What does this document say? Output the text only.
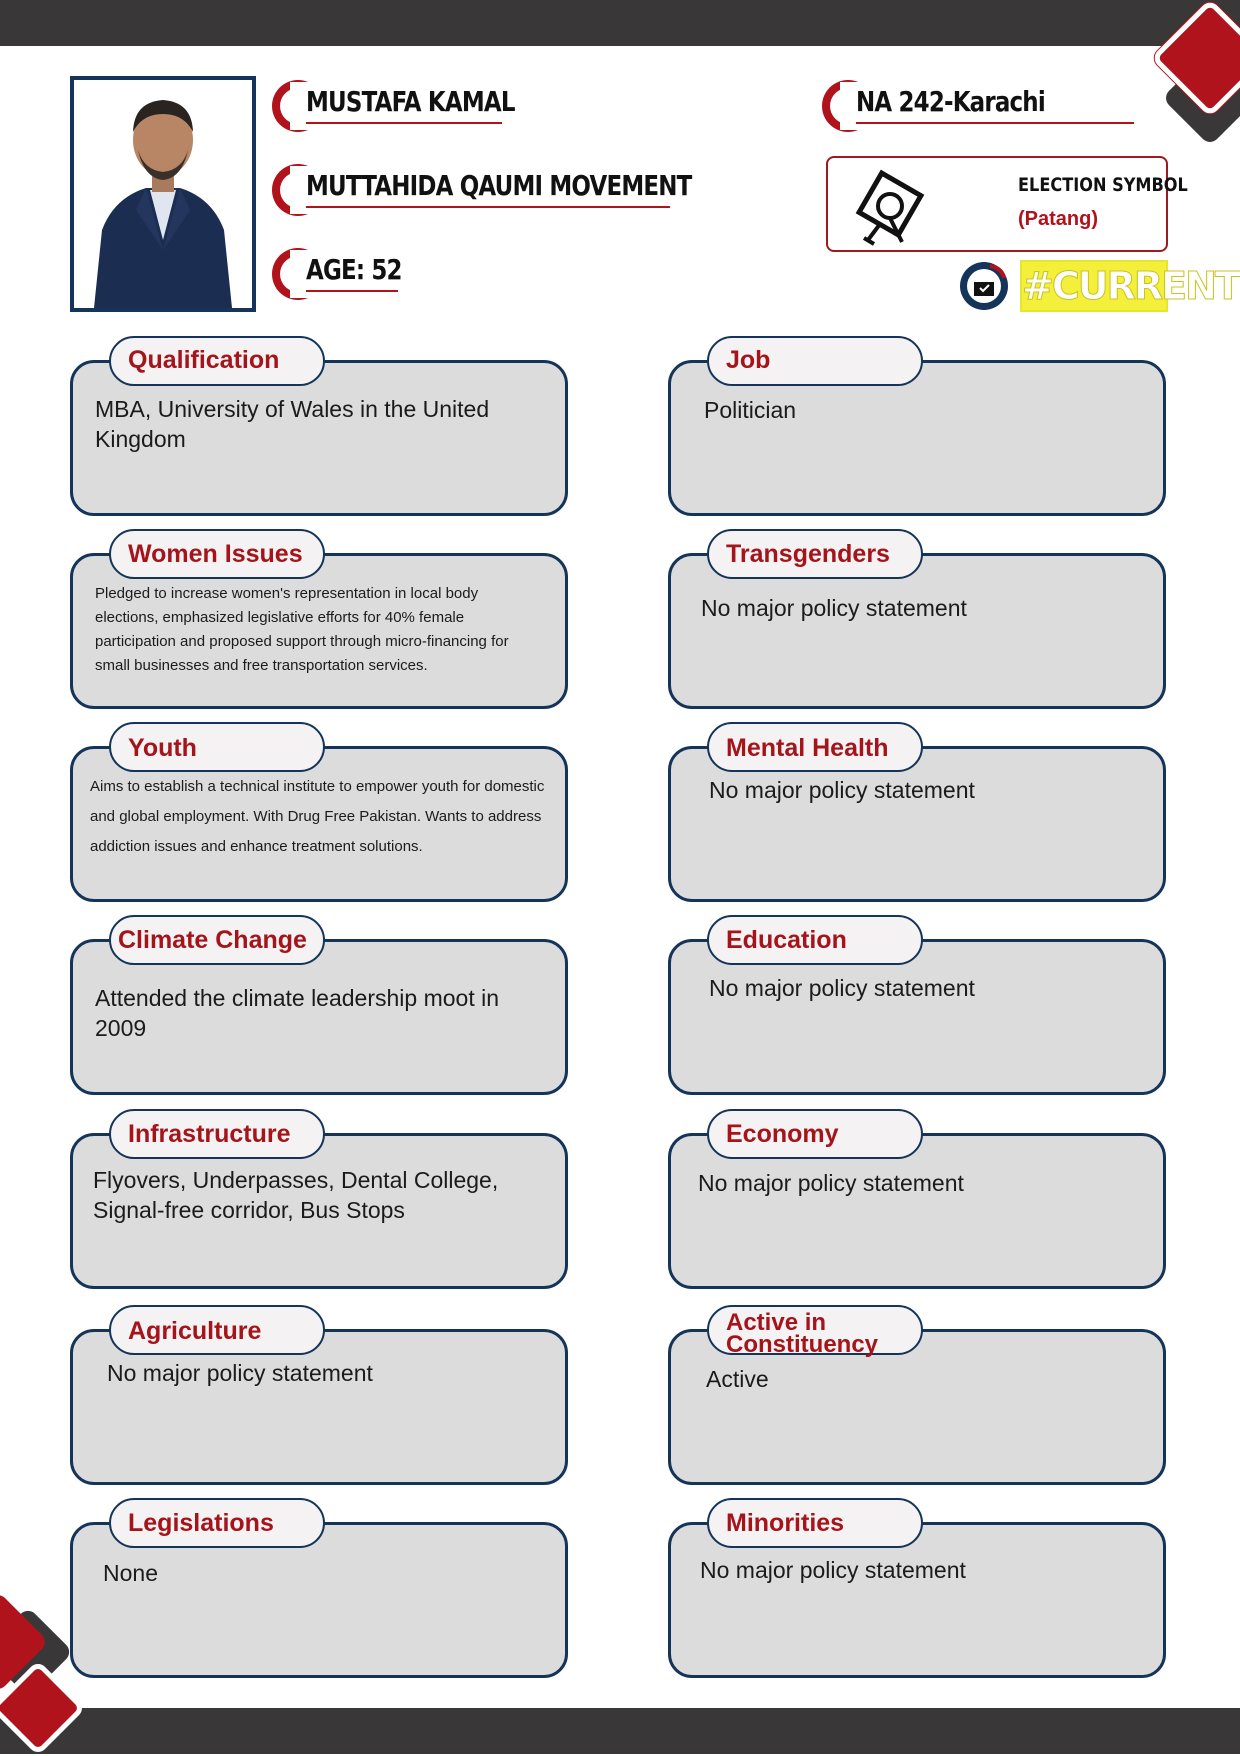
MUSTAFA KAMAL
MUTTAHIDA QAUMI MOVEMENT
AGE: 52
NA 242-Karachi
ELECTION SYMBOL
(Patang)
#CURRENT
Qualification
MBA, University of Wales in the United Kingdom
Job
Politician
Women Issues
Pledged to increase women's representation in local body elections, emphasized legislative efforts for 40% female participation and proposed support through micro-financing for small businesses and free transportation services.
Transgenders
No major policy statement
Youth
Aims to establish a technical institute to empower youth for domestic and global employment. With Drug Free Pakistan. Wants to address addiction issues and enhance treatment solutions.
Mental Health
No major policy statement
Climate Change
Attended the climate leadership moot in 2009
Education
No major policy statement
Infrastructure
Flyovers, Underpasses, Dental College, Signal-free corridor, Bus Stops
Economy
No major policy statement
Agriculture
No major policy statement
Active in
Constituency
Active
Legislations
None
Minorities
No major policy statement
